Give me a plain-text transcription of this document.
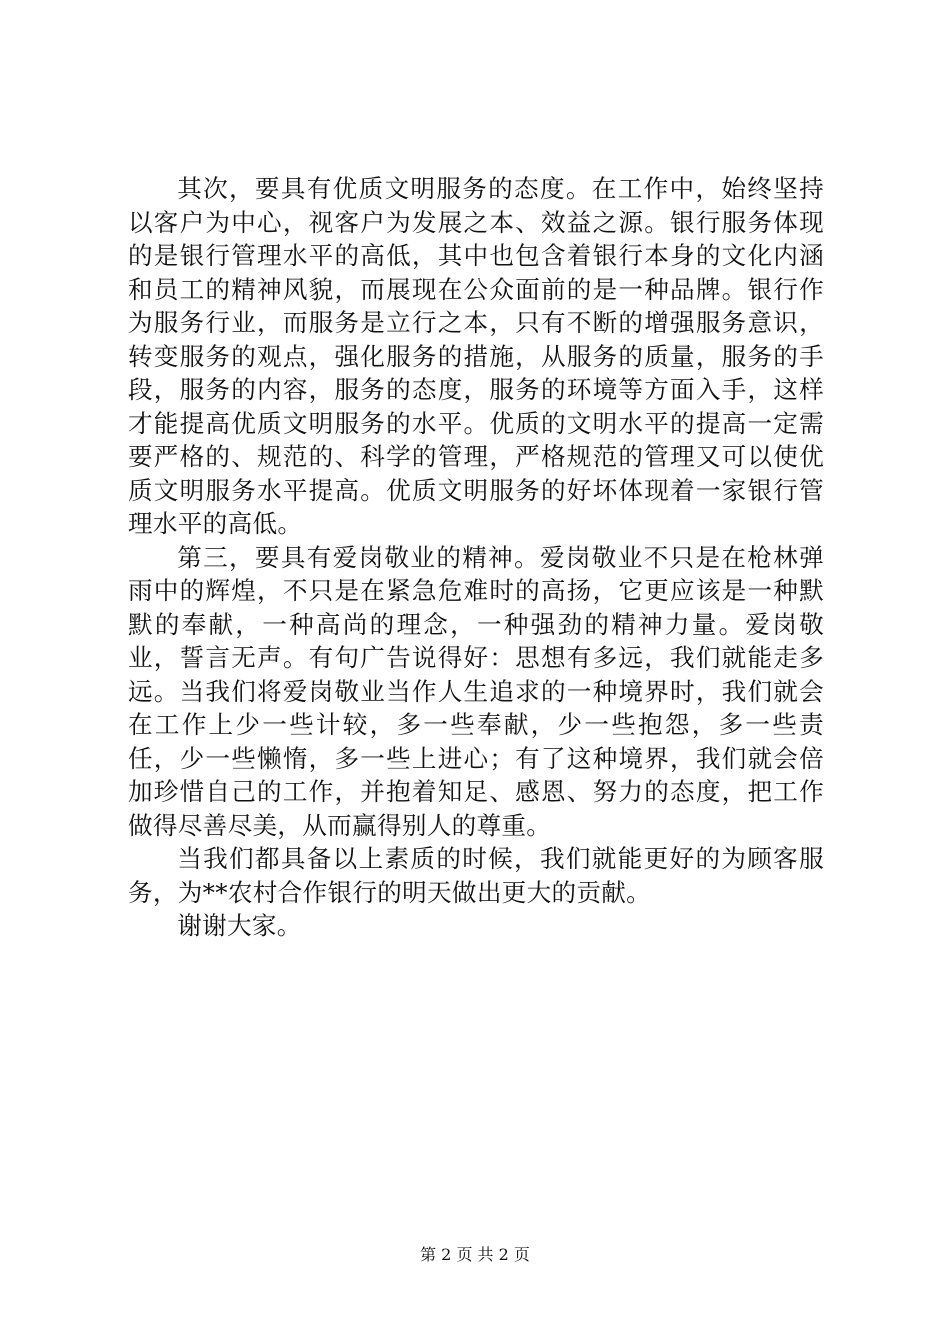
其次，要具有优质文明服务的态度。在工作中，始终坚持以客户为中心，视客户为发展之本、效益之源。银行服务体现的是银行管理水平的高低，其中也包含着银行本身的文化内涵和员工的精神风貌，而展现在公众面前的是一种品牌。银行作为服务行业，而服务是立行之本，只有不断的增强服务意识，转变服务的观点，强化服务的措施，从服务的质量，服务的手段，服务的内容，服务的态度，服务的环境等方面入手，这样才能提高优质文明服务的水平。优质的文明水平的提高一定需要严格的、规范的、科学的管理，严格规范的管理又可以使优质文明服务水平提高。优质文明服务的好坏体现着一家银行管理水平的高低。

第三，要具有爱岗敬业的精神。爱岗敬业不只是在枪林弹雨中的辉煌，不只是在紧急危难时的高扬，它更应该是一种默默的奉献，一种高尚的理念，一种强劲的精神力量。爱岗敬业，誓言无声。有句广告说得好：思想有多远，我们就能走多远。当我们将爱岗敬业当作人生追求的一种境界时，我们就会在工作上少一些计较，多一些奉献，少一些抱怨，多一些责任，少一些懒惰，多一些上进心；有了这种境界，我们就会倍加珍惜自己的工作，并抱着知足、感恩、努力的态度，把工作做得尽善尽美，从而赢得别人的尊重。

当我们都具备以上素质的时候，我们就能更好的为顾客服务，为**农村合作银行的明天做出更大的贡献。

谢谢大家。

第 2 页 共 2 页
